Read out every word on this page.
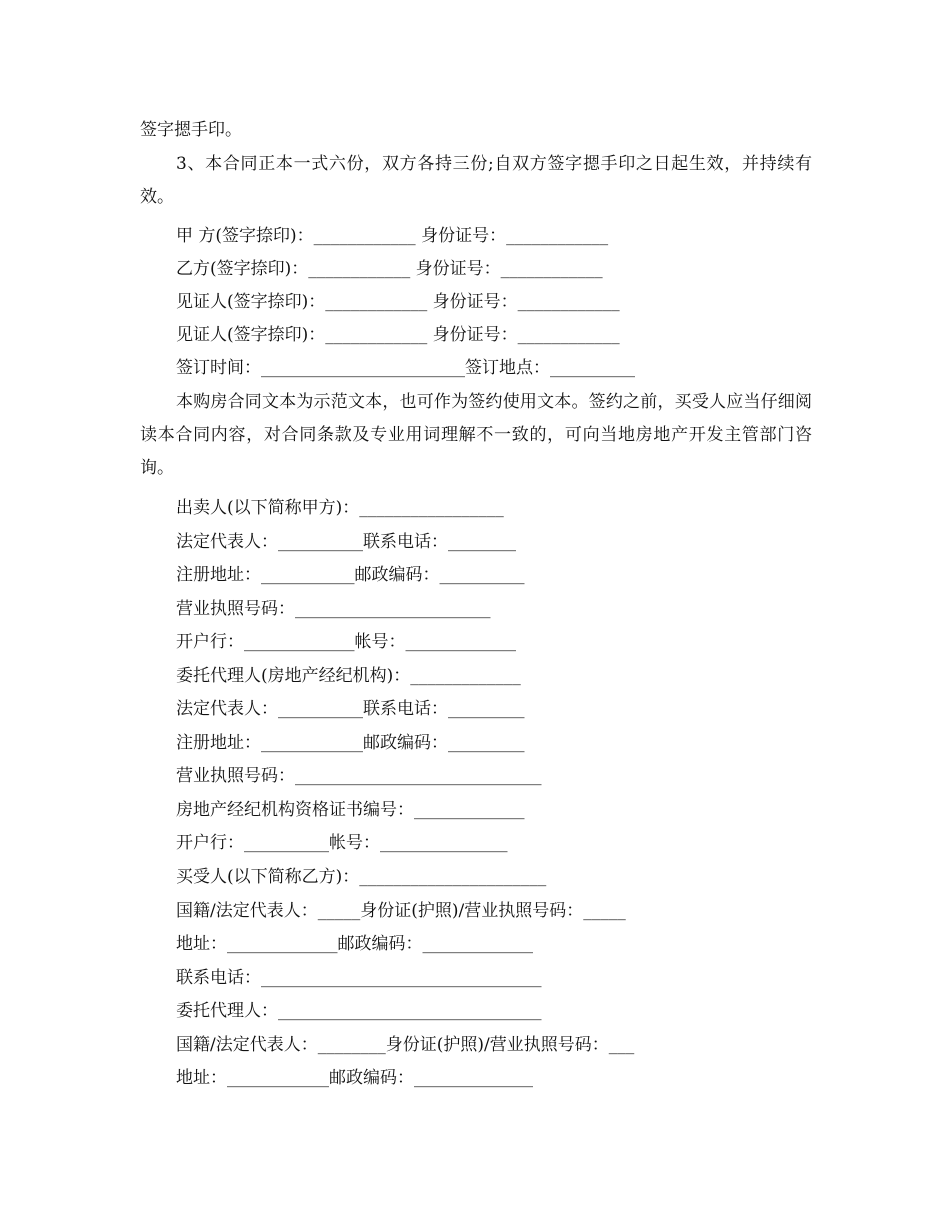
签字摁手印。
3、本合同正本一式六份，双方各持三份;自双方签字摁手印之日起生效，并持续有效。
甲 方(签字捺印)：____________ 身份证号：____________
乙方(签字捺印)：____________ 身份证号：____________
见证人(签字捺印)：____________ 身份证号：____________
见证人(签字捺印)：____________ 身份证号：____________
签订时间：________________________签订地点：__________
本购房合同文本为示范文本，也可作为签约使用文本。签约之前，买受人应当仔细阅读本合同内容，对合同条款及专业用词理解不一致的，可向当地房地产开发主管部门咨询。
出卖人(以下简称甲方)：_________________
法定代表人：__________联系电话：________
注册地址：___________邮政编码：__________
营业执照号码：_______________________
开户行：_____________帐号：_____________
委托代理人(房地产经纪机构)：_____________
法定代表人：__________联系电话：_________
注册地址：____________邮政编码：_________
营业执照号码：_____________________________
房地产经纪机构资格证书编号：_____________
开户行：__________帐号：_______________
买受人(以下简称乙方)：______________________
国籍/法定代表人：_____身份证(护照)/营业执照号码：_____
地址：_____________邮政编码：_____________
联系电话：_________________________________
委托代理人：_______________________________
国籍/法定代表人：________身份证(护照)/营业执照号码：___
地址：____________邮政编码：______________
